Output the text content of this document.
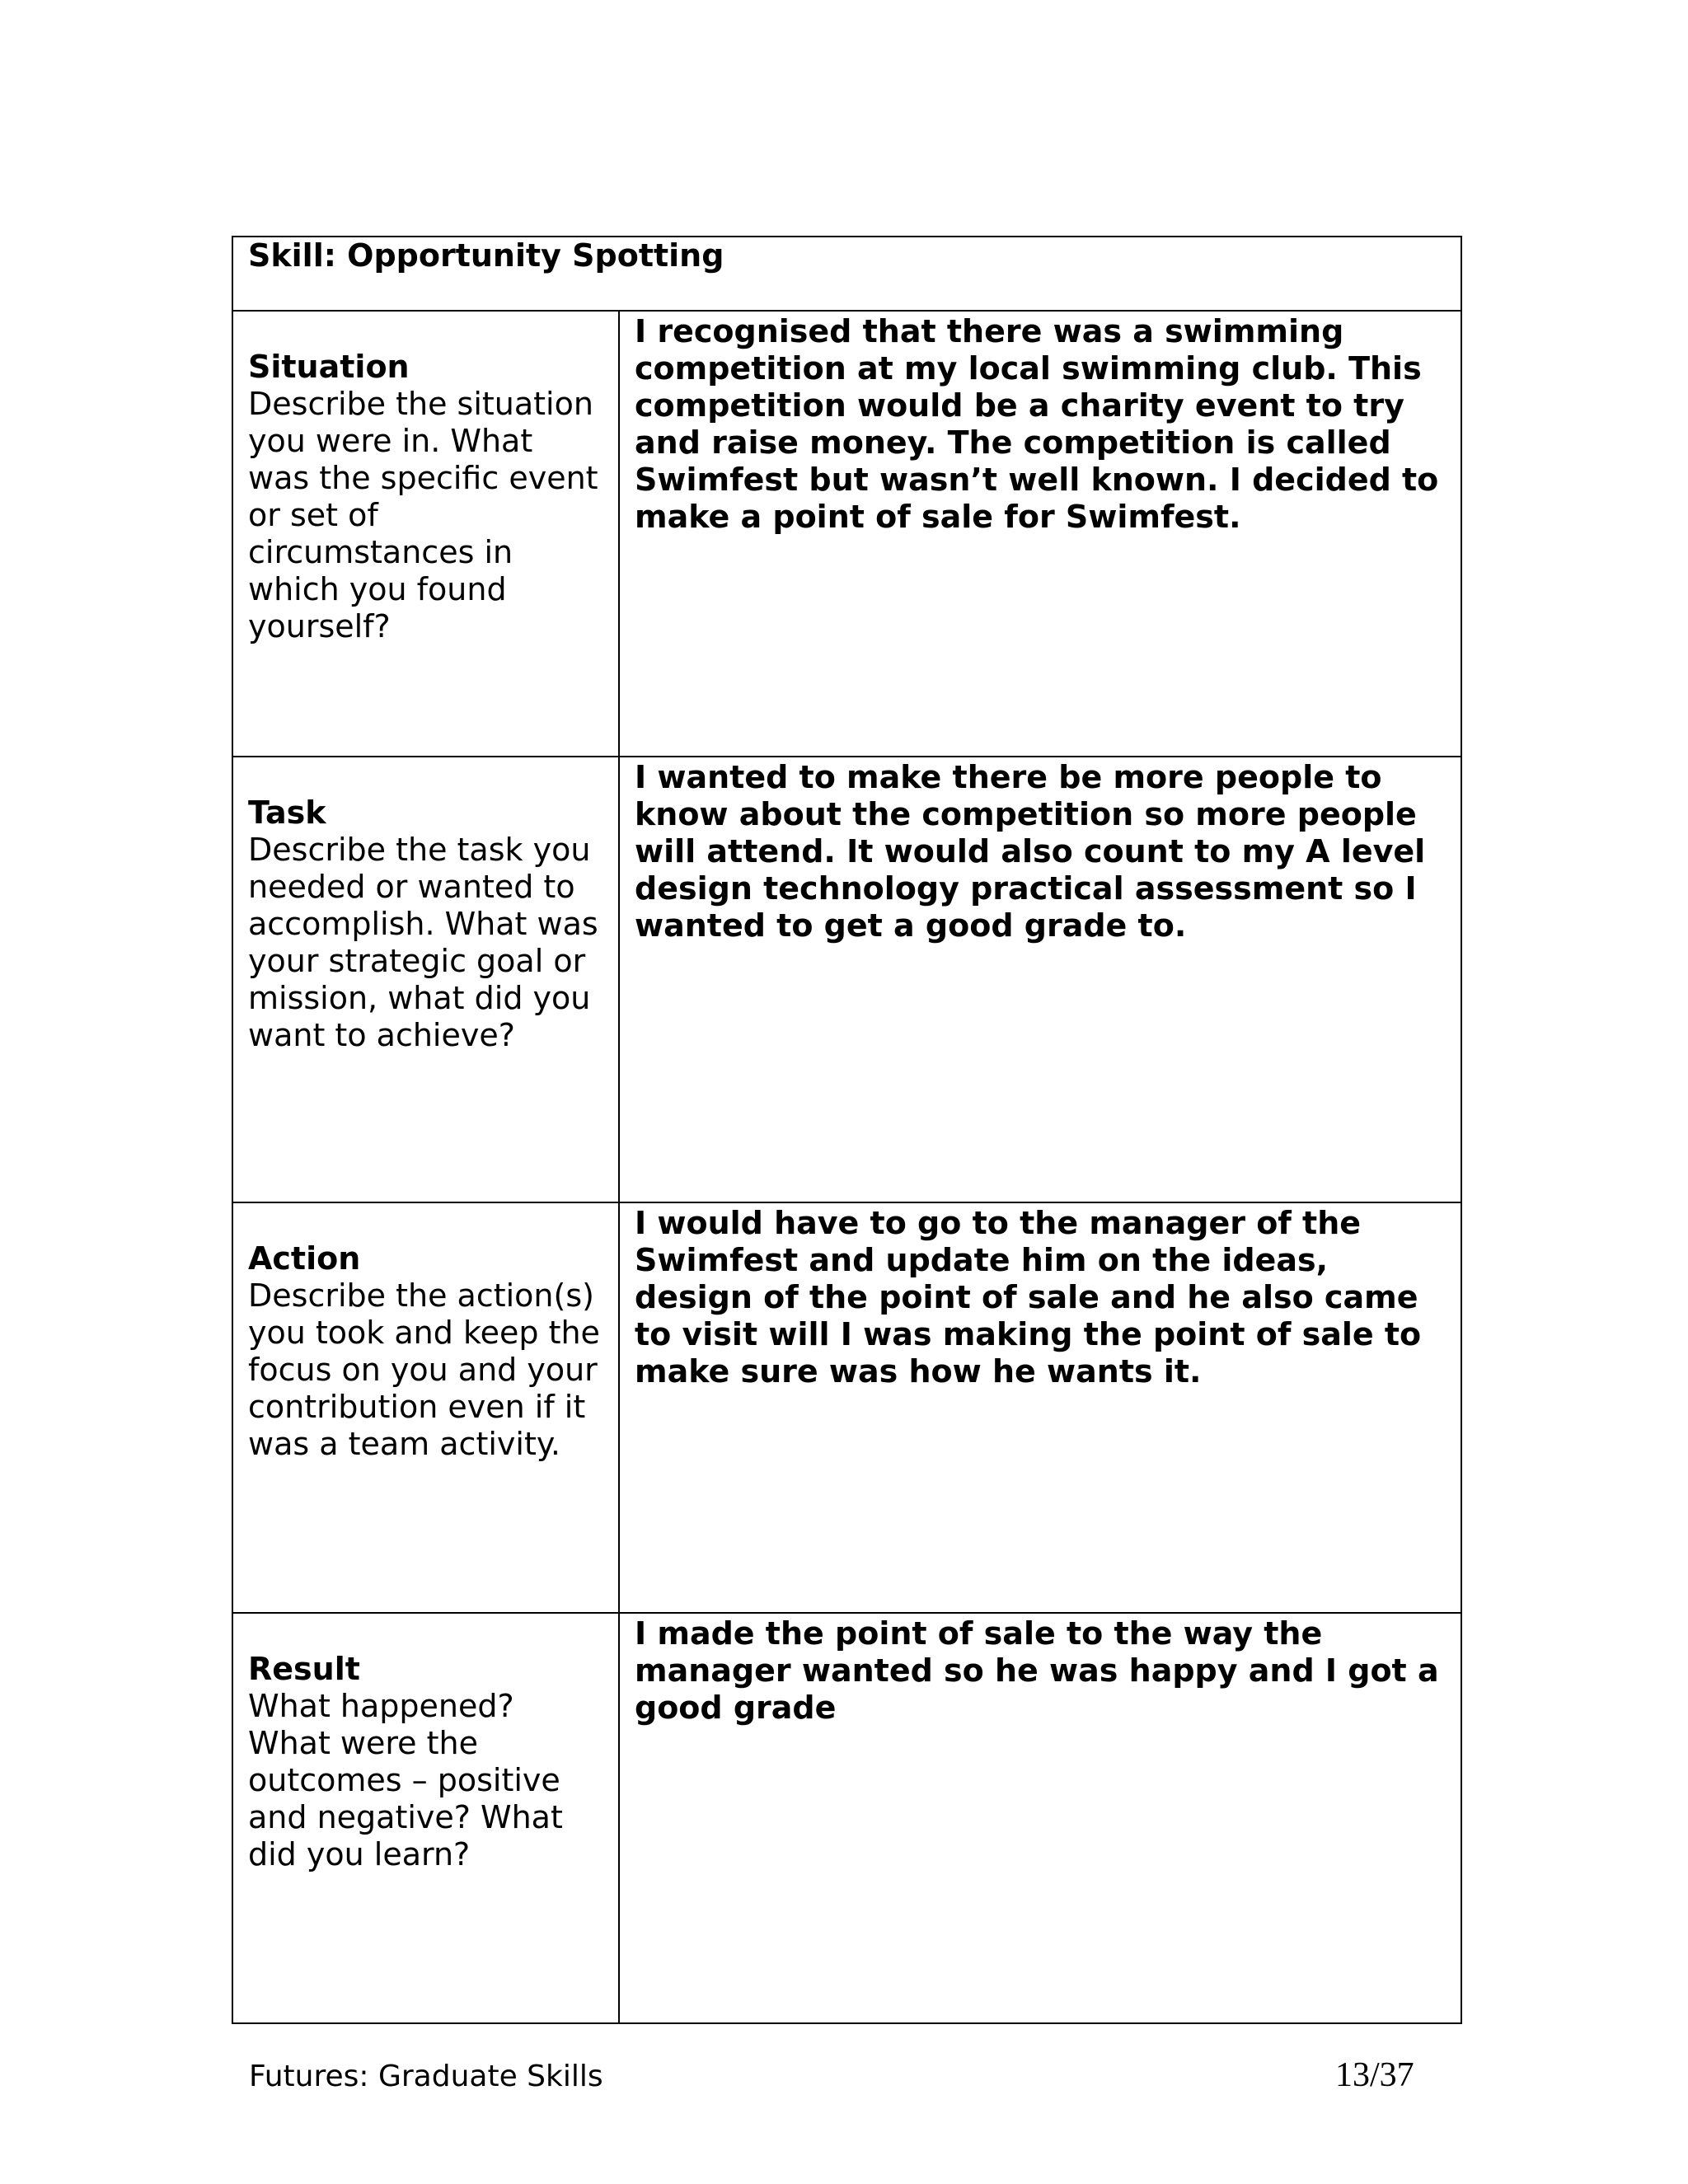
Skill: Opportunity Spotting	

Situation
Describe the situation you were in. What was the specific event or set of circumstances in which you found yourself?	I recognised that there was a swimming competition at my local swimming club. This competition would be a charity event to try and raise money. The competition is called Swimfest but wasn’t well known. I decided to make a point of sale for Swimfest.

Task
Describe the task you needed or wanted to accomplish. What was your strategic goal or mission, what did you want to achieve?	I wanted to make there be more people to know about the competition so more people will attend. It would also count to my A level design technology practical assessment so I wanted to get a good grade to.

Action
Describe the action(s) you took and keep the focus on you and your contribution even if it was a team activity.	I would have to go to the manager of the Swimfest and update him on the ideas, design of the point of sale and he also came to visit will I was making the point of sale to make sure was how he wants it.

Result
What happened? What were the outcomes – positive and negative? What did you learn?	I made the point of sale to the way the manager wanted so he was happy and I got a good grade
Futures: Graduate Skills	13/37
